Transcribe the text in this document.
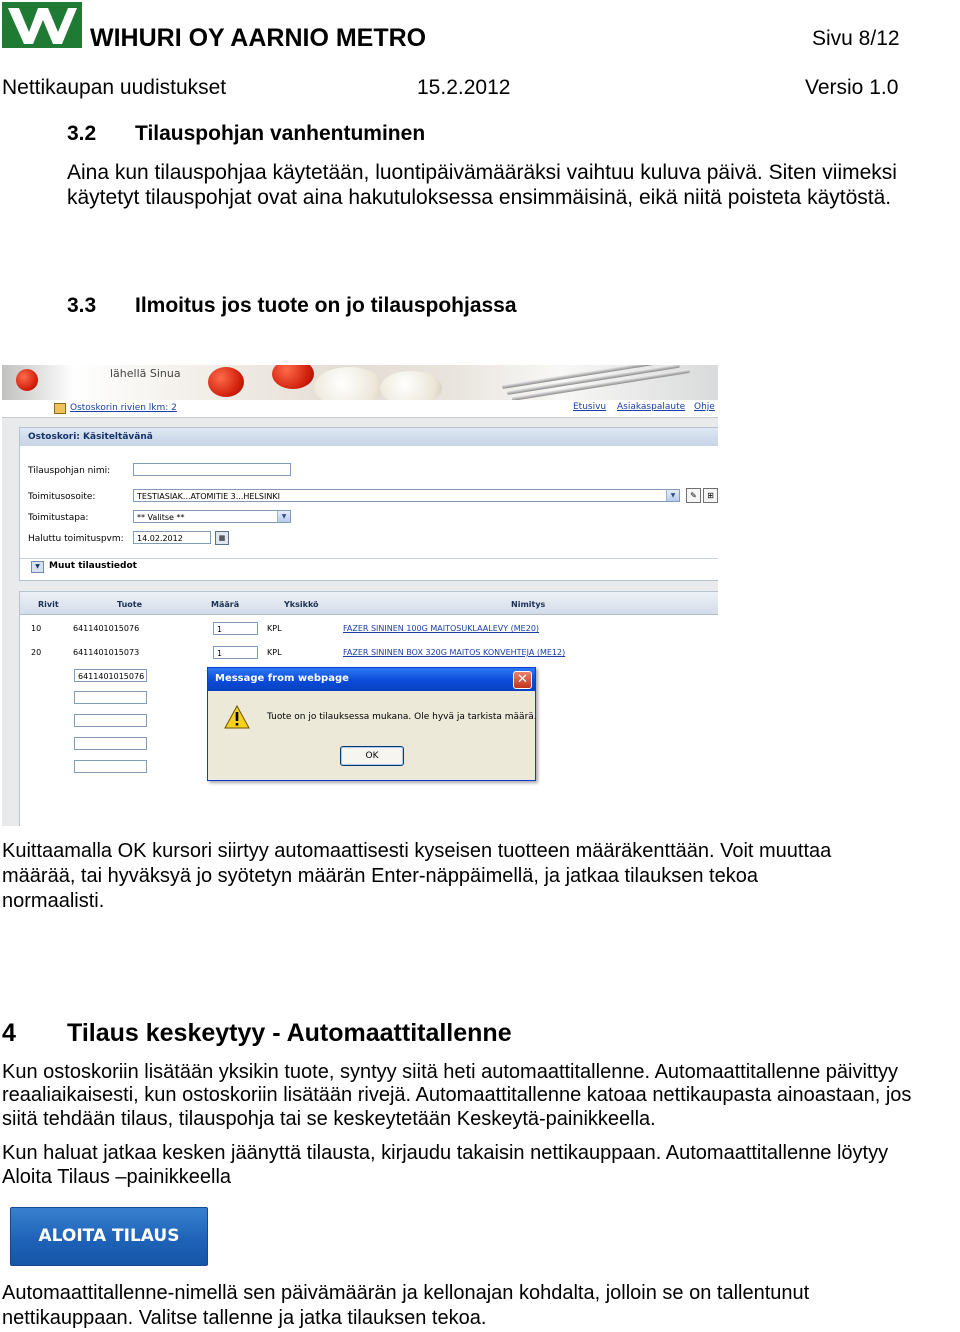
WIHURI OY AARNIO METRO	Sivu 8/12
Nettikaupan uudistukset	15.2.2012	Versio 1.0
3.2 Tilauspohjan vanhentuminen
Aina kun tilauspohjaa käytetään, luontipäivämääräksi vaihtuu kuluva päivä. Siten viimeksi
käytetyt tilauspohjat ovat aina hakutuloksessa ensimmäisinä, eikä niitä poisteta käytöstä.
3.3 Ilmoitus jos tuote on jo tilauspohjassa
lähellä Sinua
Ostoskorin rivien lkm: 2	Etusivu Asiakaspalaute Ohje
Ostoskori: Käsiteltävänä
Tilauspohjan nimi:
Toimitusosoite:	TESTIASIAK...ATOMITIE 3...HELSINKI	▼	✎	⊞
Toimitustapa:	** Valitse **	▼
Haluttu toimituspvm:	14.02.2012	▦
▼	Muut tilaustiedot
Rivit	Tuote	Määrä	Yksikkö	Nimitys
10	6411401015076	1	KPL	FAZER SININEN 100G MAITOSUKLAALEVY (ME20)
20	6411401015073	1	KPL	FAZER SININEN BOX 320G MAITOS KONVEHTEJA (ME12)
6411401015076	Message from webpage	✕
Tuote on jo tilauksessa mukana. Ole hyvä ja tarkista määrä.
OK
Kuittaamalla OK kursori siirtyy automaattisesti kyseisen tuotteen määräkenttään. Voit muuttaa
määrää, tai hyväksyä jo syötetyn määrän Enter-näppäimellä, ja jatkaa tilauksen tekoa
normaalisti.
4 Tilaus keskeytyy - Automaattitallenne
Kun ostoskoriin lisätään yksikin tuote, syntyy siitä heti automaattitallenne. Automaattitallenne päivittyy
reaaliaikaisesti, kun ostoskoriin lisätään rivejä. Automaattitallenne katoaa nettikaupasta ainoastaan, jos
siitä tehdään tilaus, tilauspohja tai se keskeytetään Keskeytä-painikkeella.
Kun haluat jatkaa kesken jäänyttä tilausta, kirjaudu takaisin nettikauppaan. Automaattitallenne löytyy
Aloita Tilaus –painikkeella
ALOITA TILAUS
Automaattitallenne-nimellä sen päivämäärän ja kellonajan kohdalta, jolloin se on tallentunut
nettikauppaan. Valitse tallenne ja jatka tilauksen tekoa.
